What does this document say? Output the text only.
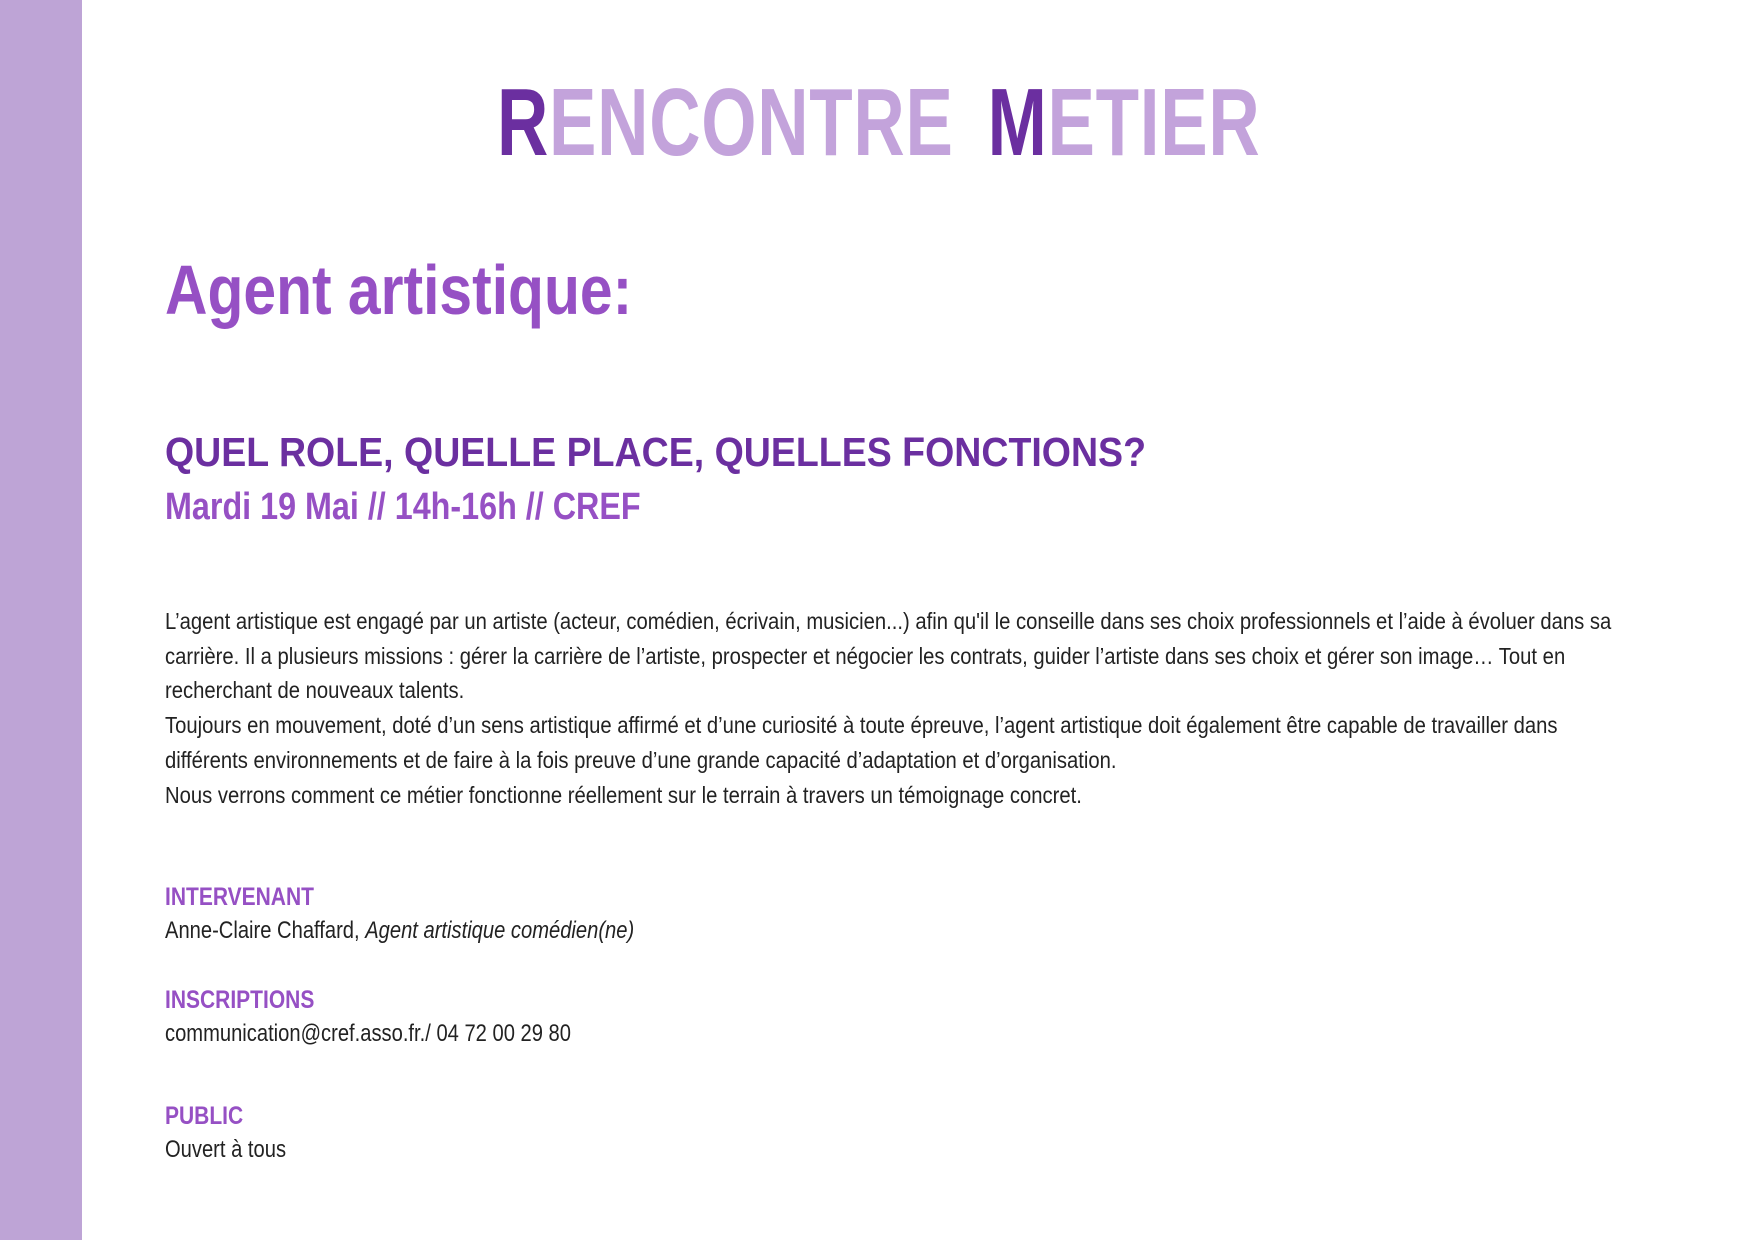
RENCONTRE METIER
Agent artistique:
QUEL ROLE, QUELLE PLACE, QUELLES FONCTIONS?
Mardi 19 Mai // 14h-16h // CREF

L’agent artistique est engagé par un artiste (acteur, comédien, écrivain, musicien...) afin qu'il le conseille dans ses choix professionnels et l’aide à évoluer dans sa

carrière. Il a plusieurs missions : gérer la carrière de l’artiste, prospecter et négocier les contrats, guider l’artiste dans ses choix et gérer son image… Tout en

recherchant de nouveaux talents.

Toujours en mouvement, doté d’un sens artistique affirmé et d’une curiosité à toute épreuve, l’agent artistique doit également être capable de travailler dans

différents environnements et de faire à la fois preuve d’une grande capacité d’adaptation et d’organisation.

Nous verrons comment ce métier fonctionne réellement sur le terrain à travers un témoignage concret.

INTERVENANT
Anne-Claire Chaffard, Agent artistique comédien(ne)
INSCRIPTIONS
communication@cref.asso.fr./ 04 72 00 29 80
PUBLIC
Ouvert à tous
